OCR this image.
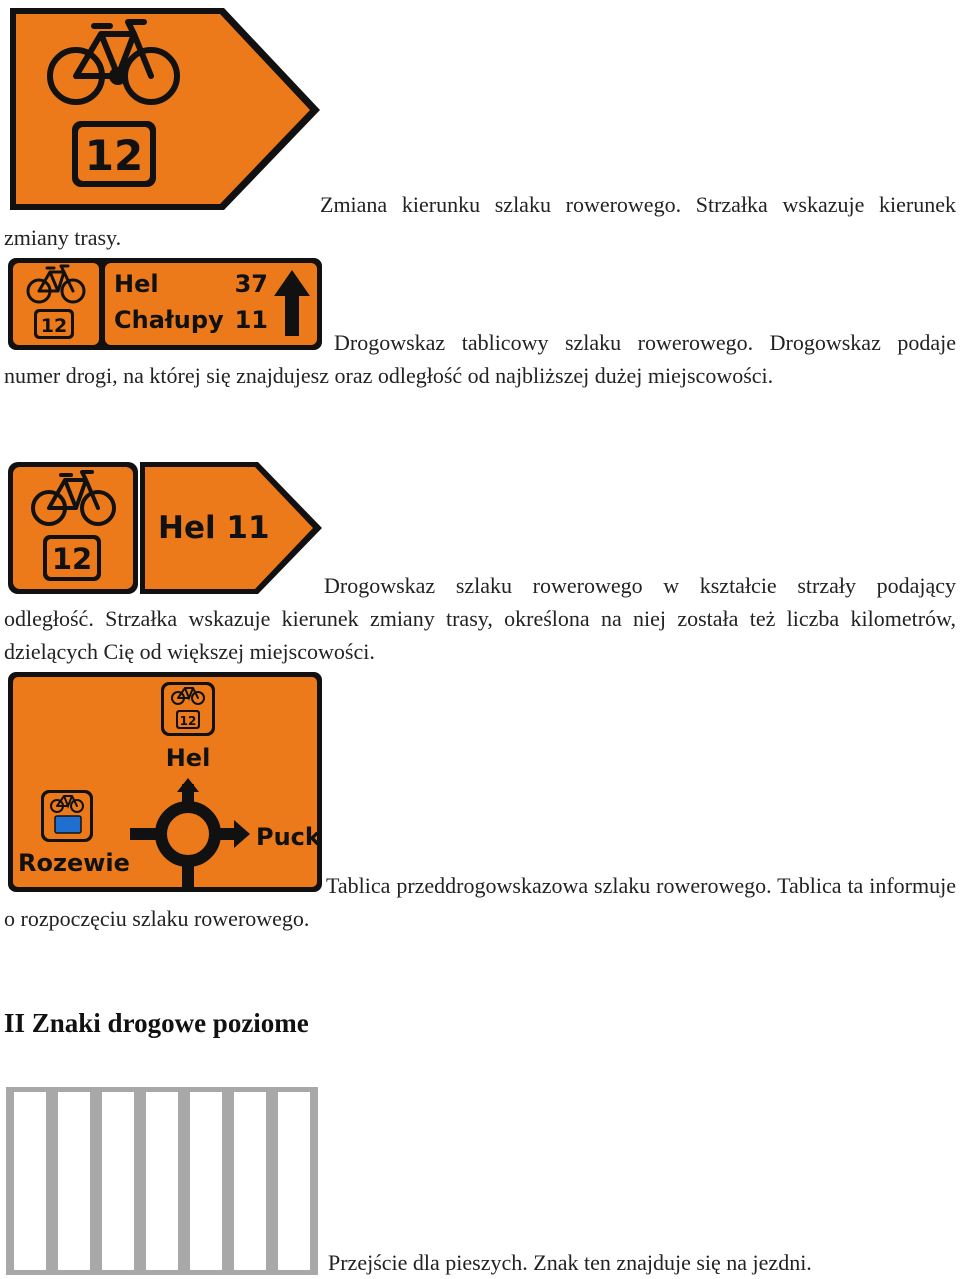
12

Zmiana kierunku szlaku rowerowego. Strzałka wskazuje kierunek zmiany trasy.

12
Hel	37
Chałupy 11

Drogowskaz tablicowy szlaku rowerowego. Drogowskaz podaje numer drogi, na której się znajdujesz oraz odległość od najbliższej dużej miejscowości.

12
Hel 11

Drogowskaz szlaku rowerowego w kształcie strzały podający odległość. Strzałka wskazuje kierunek zmiany trasy, określona na niej została też liczba kilometrów, dzielących Cię od większej miejscowości.

12
Hel
Puck
Rozewie

Tablica przeddrogowskazowa szlaku rowerowego. Tablica ta informuje o rozpoczęciu szlaku rowerowego.

II Znaki drogowe poziome

Przejście dla pieszych. Znak ten znajduje się na jezdni.
